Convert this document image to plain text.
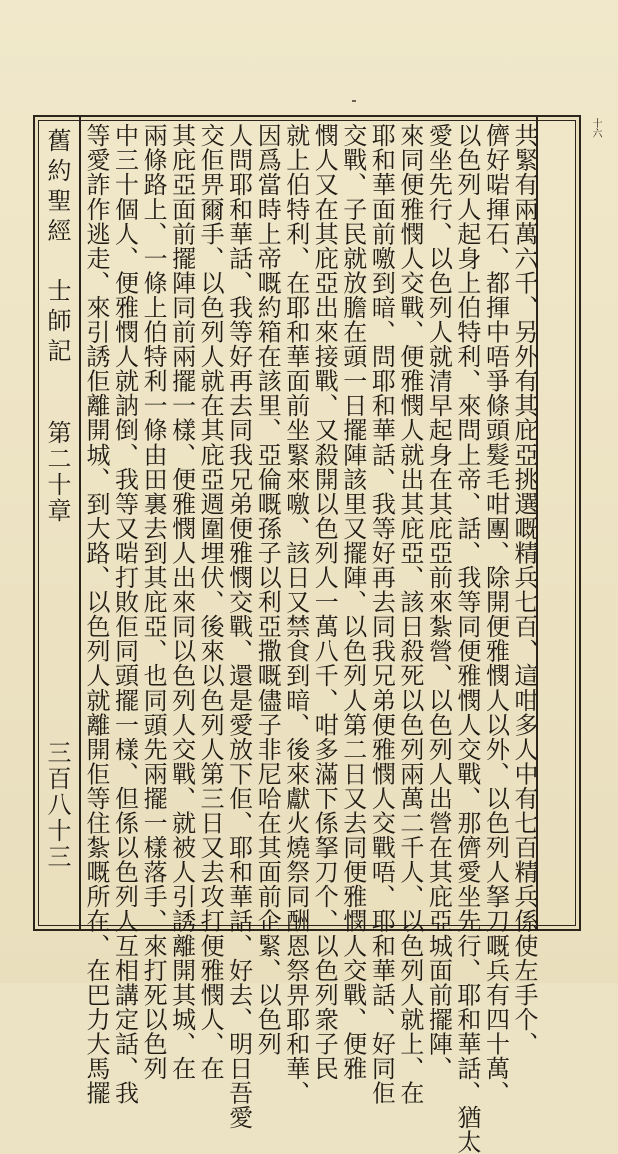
舊約聖經
士師記
第二十章
三百八十三
十六
共緊有兩萬六千、另外有其庇亞挑選嘅精兵七百、這咁多人中有七百精兵係使左手个、
儕好啱揮石、都揮中唔爭條頭髮毛咁團、除開便雅憫人以外、以色列人拏刀嘅兵有四十萬、
以色列人起身上伯特利、來問上帝、話、我等同便雅憫人交戰、那儕愛坐先行、耶和華話、猶太
愛坐先行、以色列人就清早起身在其庇亞前來紮營、以色列人出營在其庇亞城面前擺陣、
來同便雅憫人交戰、便雅憫人就出其庇亞、該日殺死以色列兩萬二千人、以色列人就上、在
耶和華面前噭到暗、問耶和華話、我等好再去同我兄弟便雅憫人交戰唔、耶和華話、好同佢
交戰、子民就放膽在頭一日擺陣該里又擺陣、以色列人第二日又去同便雅憫人交戰、便雅
憫人又在其庇亞出來接戰、又殺開以色列人一萬八千、咁多滿下係拏刀个、以色列衆子民
就上伯特利、在耶和華面前坐緊來噭、該日又禁食到暗、後來獻火燒祭同酬恩祭畀耶和華、
因爲當時上帝嘅約箱在該里、亞倫嘅孫子以利亞撒嘅儘子非尼哈在其面前企緊、以色列
人問耶和華話、我等好再去同我兄弟便雅憫交戰、還是愛放下佢、耶和華話、好去、明日吾愛
交佢畀爾手、以色列人就在其庇亞週圍埋伏、後來以色列人第三日又去攻打便雅憫人、在
其庇亞面前擺陣同前兩擺一樣、便雅憫人出來同以色列人交戰、就被人引誘離開其城、在
兩條路上、一條上伯特利一條由田裏去到其庇亞、也同頭先兩擺一樣落手、來打死以色列
中三十個人、便雅憫人就訥倒、我等又啱打敗佢同頭擺一樣、但係以色列人互相講定話、我
等愛詐作逃走、來引誘佢離開城、到大路、以色列人就離開佢等住紮嘅所在、在巴力大馬擺
